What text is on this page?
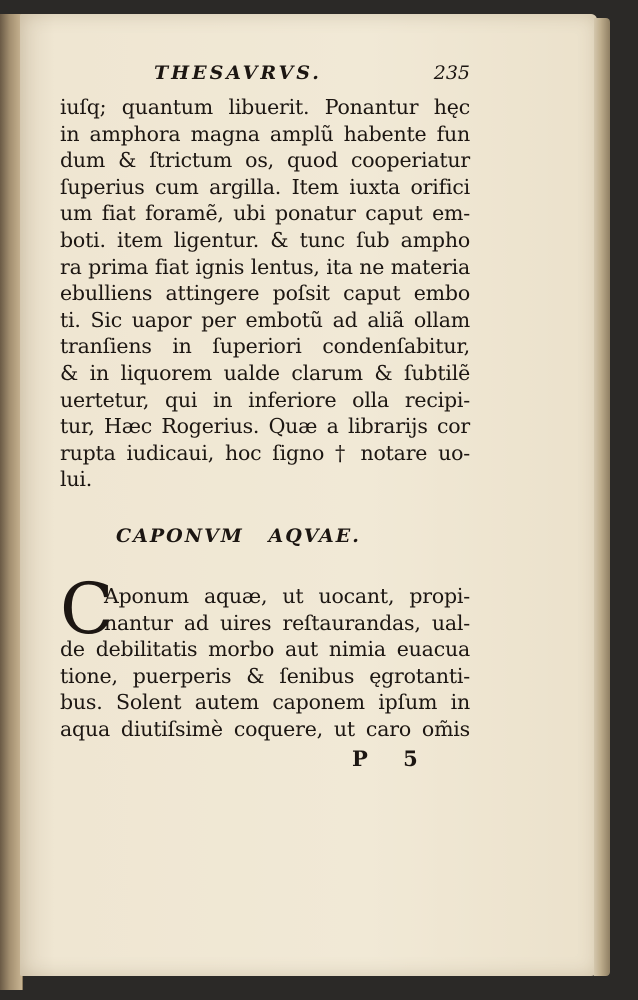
THESAVRVS.	235
iuſq; quantum libuerit. Ponantur hęc
in amphora magna amplũ habente fun
dum & ſtrictum os, quod cooperiatur
ſuperius cum argilla. Item iuxta orifici
um fiat foramẽ, ubi ponatur caput em-
boti. item ligentur. & tunc ſub ampho
ra prima fiat ignis lentus, ita ne materia
ebulliens attingere poſsit caput embo
ti. Sic uapor per embotũ ad aliã ollam
tranſiens in ſuperiori condenſabitur,
& in liquorem ualde clarum & ſubtilẽ
uertetur, qui in inferiore olla recipi-
tur, Hæc Rogerius. Quæ a librarijs cor
rupta iudicaui, hoc ſigno † notare uo-
lui.
CAPONVM AQVAE.
C
Aponum aquæ, ut uocant, propi-
nantur ad uires reſtaurandas, ual-
de debilitatis morbo aut nimia euacua
tione, puerperis & ſenibus ęgrotanti-
bus. Solent autem caponem ipſum in
aqua diutiſsimè coquere, ut caro om̃is
P 5
